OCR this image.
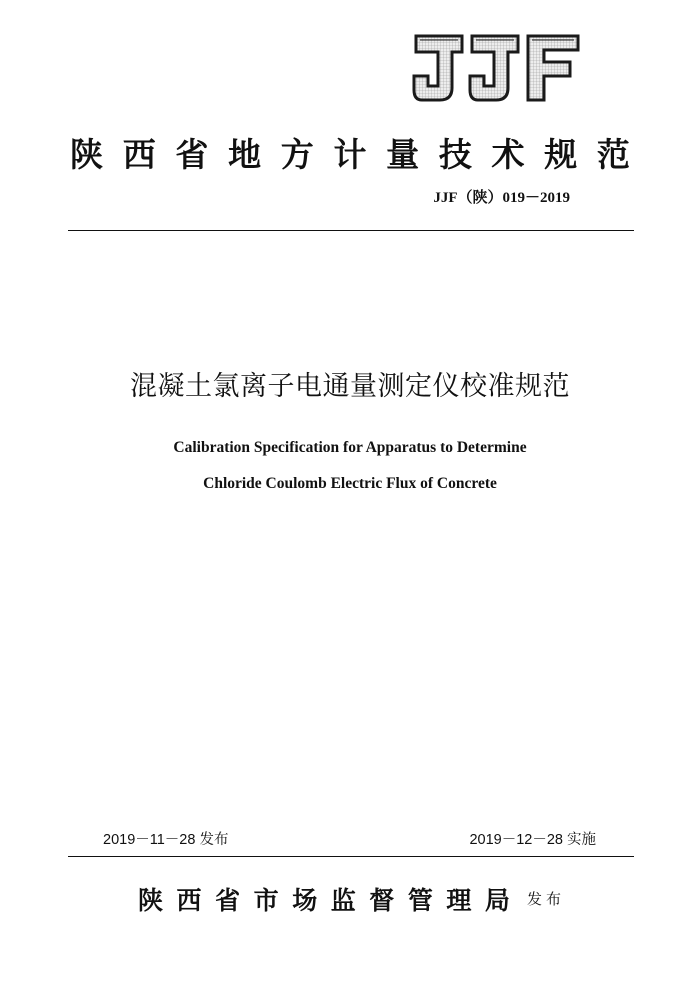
陕 西 省 地 方 计 量 技 术 规 范
JJF（陕）019－2019
混凝土氯离子电通量测定仪校准规范
Calibration Specification for Apparatus to Determine
Chloride Coulomb Electric Flux of Concrete
2019－11－28 发布	2019－12－28 实施
陕 西 省 市 场 监 督 管 理 局 发布
